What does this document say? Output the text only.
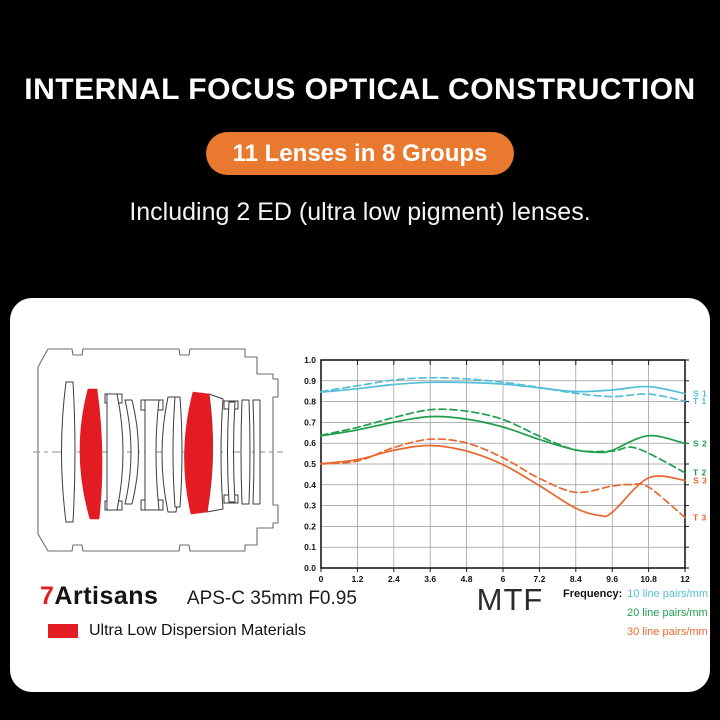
INTERNAL FOCUS OPTICAL CONSTRUCTION
11 Lenses in 8 Groups

Including 2 ED (ultra low pigment) lenses.

0.0
0.1
0.2
0.3
0.4
0.5
0.6
0.7
0.8
0.9
1.0
0	1.2	2.4	3.6	4.8	6	7.2	8.4	9.6	10.8	12
S 1
T 1
S 2
T 2
S 3
T 3
7Artisans APS-C 35mm F0.95
Ultra Low Dispersion Materials
MTF	Frequency: 10 line pairs/mm
20 line pairs/mm
30 line pairs/mm
